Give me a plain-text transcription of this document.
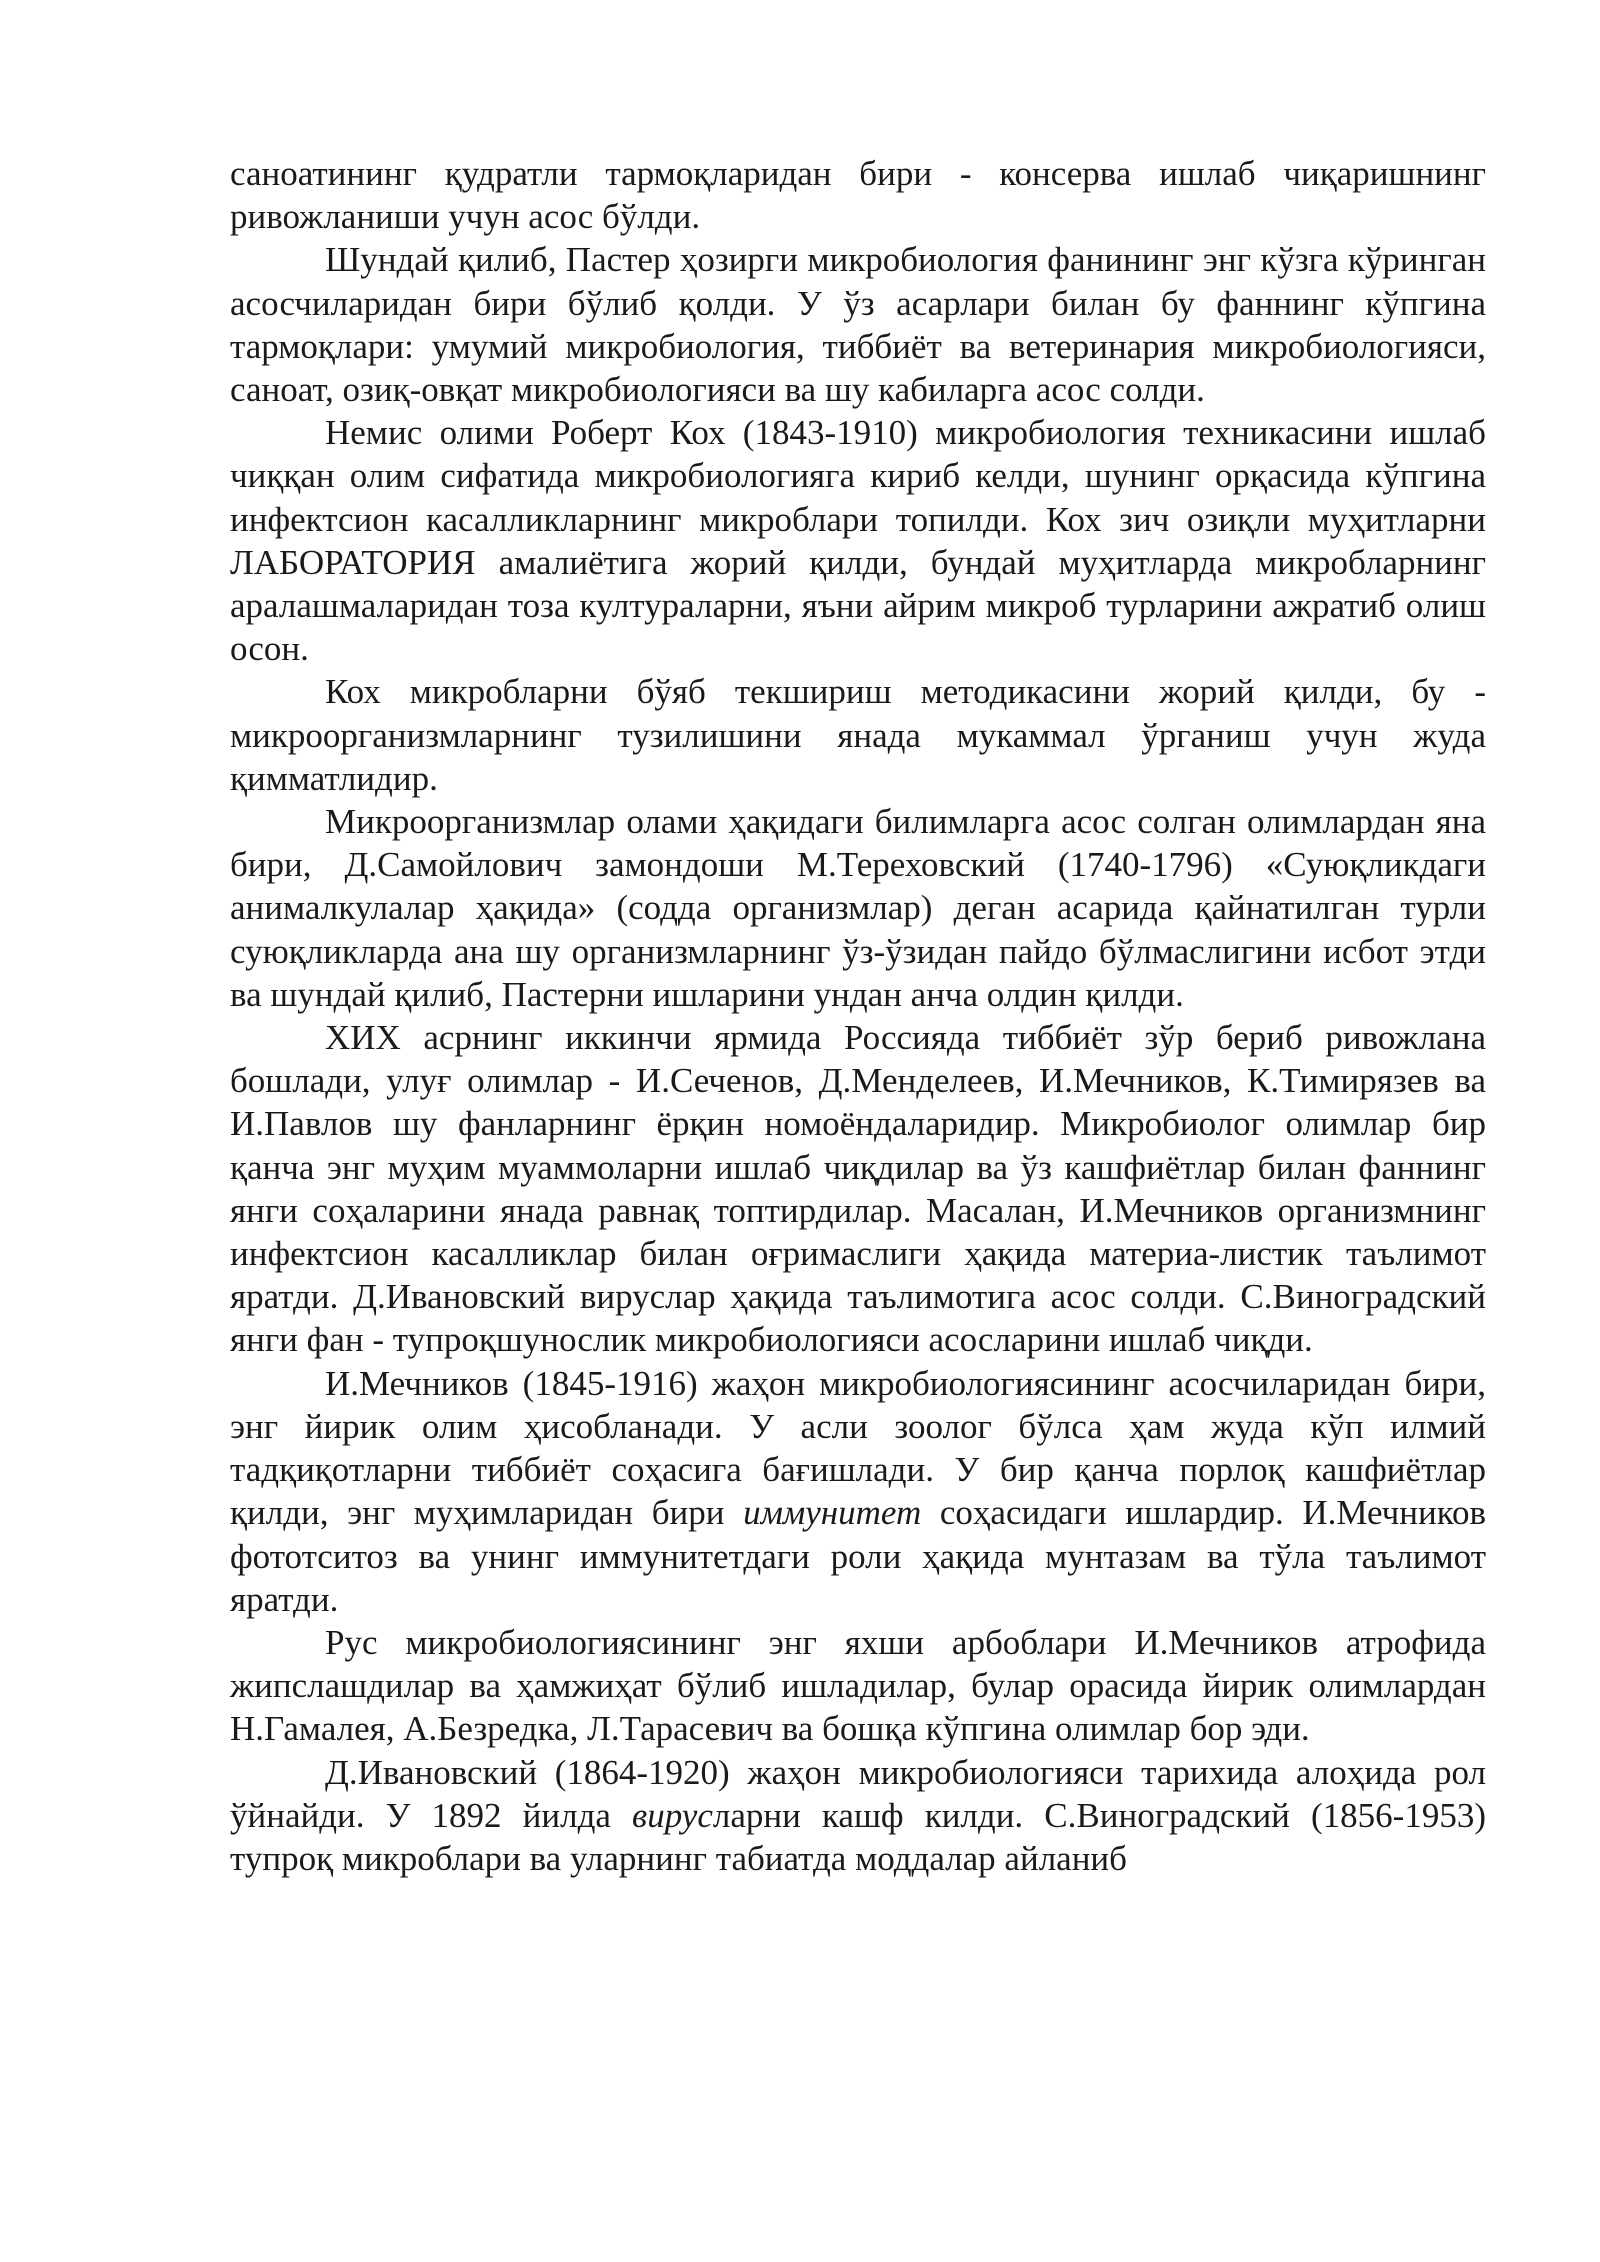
саноатининг қудратли тармоқларидан бири - консерва ишлаб чиқаришнинг ривожланиши учун асос бўлди.

Шундай қилиб, Пастер ҳозирги микробиология фанининг энг кўзга кўринган асосчиларидан бири бўлиб қолди. У ўз асарлари билан бу фаннинг кўпгина тармоқлари: умумий микробиология, тиббиёт ва ветеринария микробиологияси, саноат, озиқ-овқат микробиологияси ва шу кабиларга асос солди.

Немис олими Роберт Кох (1843-1910) микробиология техникасини ишлаб чиққан олим сифатида микробиологияга кириб келди, шунинг орқасида кўпгина инфектсион касалликларнинг микроблари топилди. Кох зич озиқли муҳитларни ЛАБОРАТОРИЯ амалиётига жорий қилди, бундай муҳитларда микробларнинг аралашмаларидан тоза култураларни, яъни айрим микроб турларини ажратиб олиш осон.

Кох микробларни бўяб текшириш методикасини жорий қилди, бу - микроорганизмларнинг тузилишини янада мукаммал ўрганиш учун жуда қимматлидир.

Микроорганизмлар олами ҳақидаги билимларга асос солган олимлардан яна бири, Д.Самойлович замондоши М.Тереховский (1740-1796) «Суюқликдаги анималкулалар ҳақида» (содда организмлар) деган асарида қайнатилган турли суюқликларда ана шу организмларнинг ўз-ўзидан пайдо бўлмаслигини исбот этди ва шундай қилиб, Пастерни ишларини ундан анча олдин қилди.

ХИХ асрнинг иккинчи ярмида Россияда тиббиёт зўр бериб ривожлана бошлади, улуғ олимлар - И.Сеченов, Д.Менделеев, И.Мечников, К.Тимирязев ва И.Павлов шу фанларнинг ёрқин номоёндаларидир. Микробиолог олимлар бир қанча энг муҳим муаммоларни ишлаб чиқдилар ва ўз кашфиётлар билан фаннинг янги соҳаларини янада равнақ топтирдилар. Масалан, И.Мечников организмнинг инфектсион касалликлар билан оғримаслиги ҳақида материа-листик таълимот яратди. Д.Ивановский вируслар ҳақида таълимотига асос солди. С.Виноградский янги фан - тупроқшунослик микробиологияси асосларини ишлаб чиқди.

И.Мечников (1845-1916) жаҳон микробиологиясининг асосчиларидан бири, энг йирик олим ҳисобланади. У асли зоолог бўлса ҳам жуда кўп илмий тадқиқотларни тиббиёт соҳасига бағишлади. У бир қанча порлоқ кашфиётлар қилди, энг муҳимларидан бири иммунитет соҳасидаги ишлардир. И.Мечников фототситоз ва унинг иммунитетдаги роли ҳақида мунтазам ва тўла таълимот яратди.

Рус микробиологиясининг энг яхши арбоблари И.Мечников атрофида жипслашдилар ва ҳамжиҳат бўлиб ишладилар, булар орасида йирик олимлардан Н.Гамалея, А.Безредка, Л.Тарасевич ва бошқа кўпгина олимлар бор эди.

Д.Ивановский (1864-1920) жаҳон микробиологияси тарихида алоҳида рол ўйнайди. У 1892 йилда вирусларни кашф килди. С.Виноградский (1856-1953) тупроқ микроблари ва уларнинг табиатда моддалар айланиб
